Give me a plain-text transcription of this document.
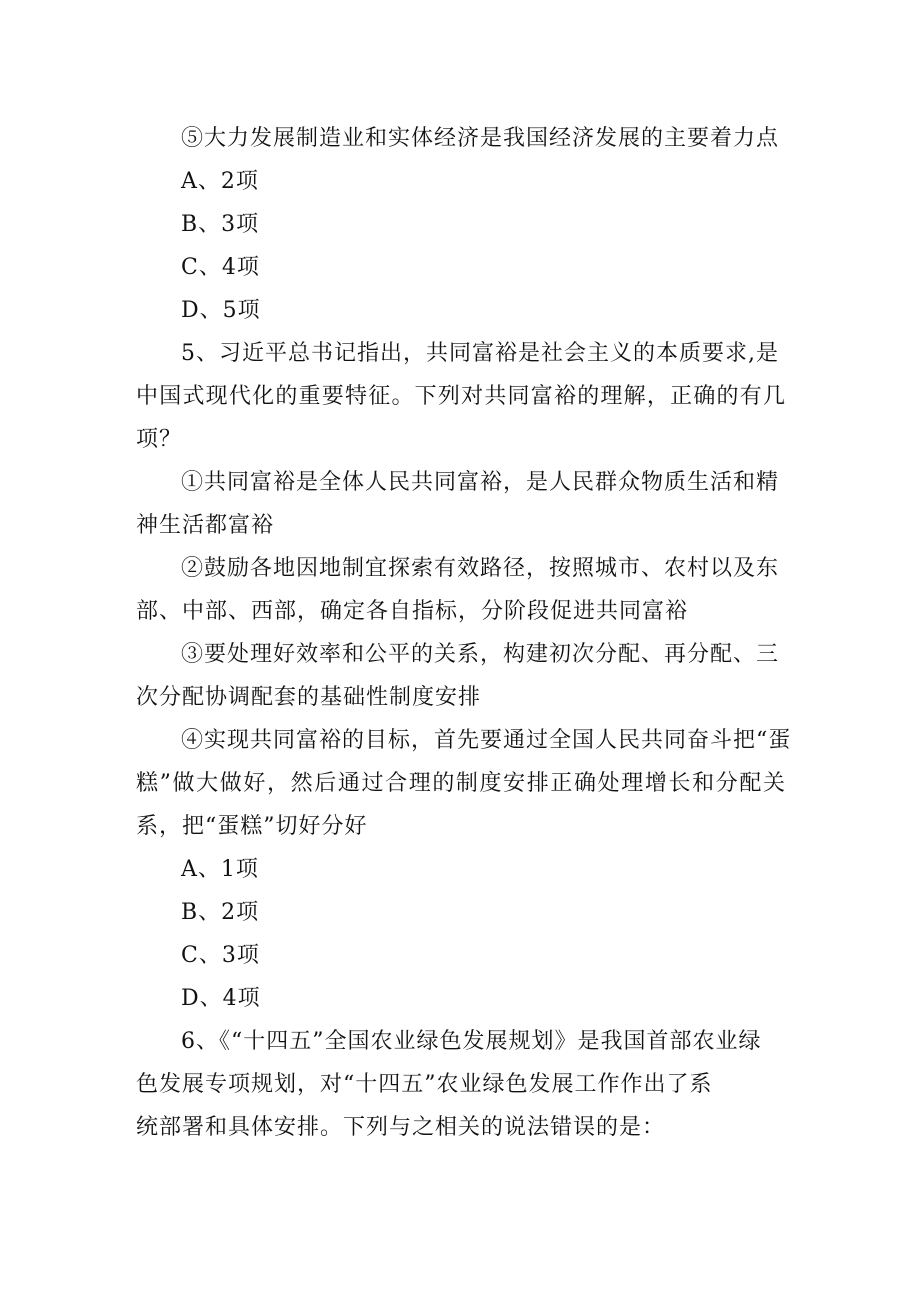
⑤大力发展制造业和实体经济是我国经济发展的主要着力点
A、2项
B、3项
C、4项
D、5项
5、习近平总书记指出，共同富裕是社会主义的本质要求,是
中国式现代化的重要特征。下列对共同富裕的理解，正确的有几
项？
①共同富裕是全体人民共同富裕，是人民群众物质生活和精
神生活都富裕
②鼓励各地因地制宜探索有效路径，按照城市、农村以及东
部、中部、西部，确定各自指标，分阶段促进共同富裕
③要处理好效率和公平的关系，构建初次分配、再分配、三
次分配协调配套的基础性制度安排
④实现共同富裕的目标，首先要通过全国人民共同奋斗把“蛋
糕”做大做好，然后通过合理的制度安排正确处理增长和分配关
系，把“蛋糕”切好分好
A、1项
B、2项
C、3项
D、4项
6、《“十四五”全国农业绿色发展规划》是我国首部农业绿
色发展专项规划，对“十四五”农业绿色发展工作作出了系
统部署和具体安排。下列与之相关的说法错误的是：
